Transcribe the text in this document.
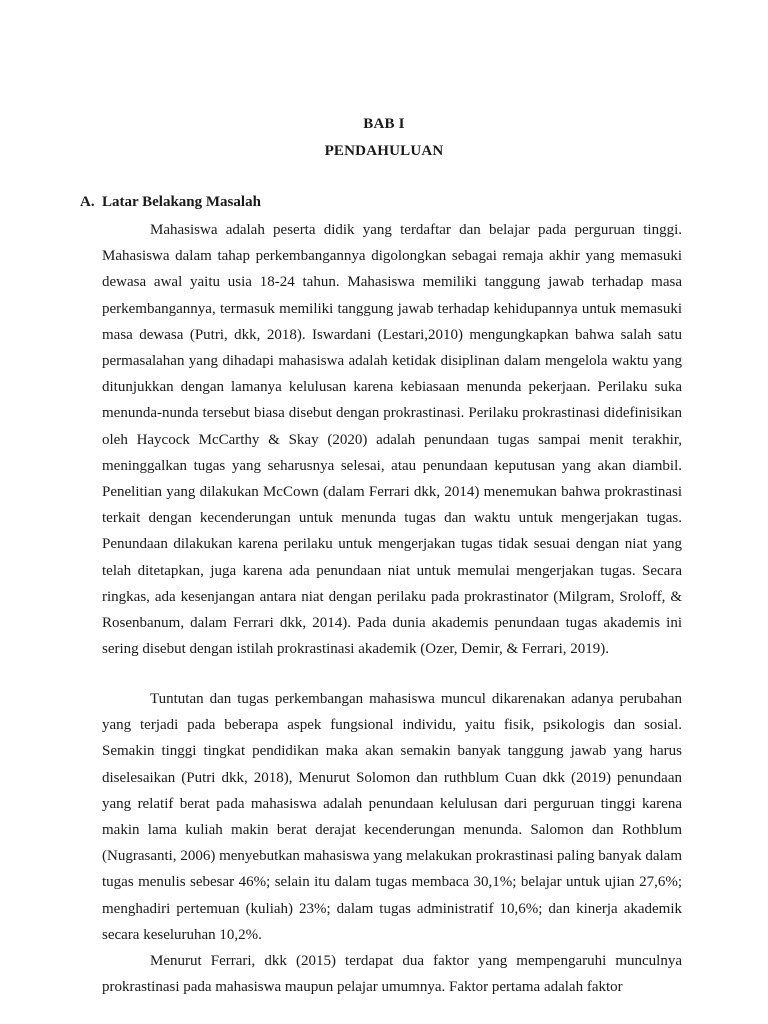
BAB I
PENDAHULUAN
A. Latar Belakang Masalah

Mahasiswa adalah peserta didik yang terdaftar dan belajar pada perguruan tinggi. Mahasiswa dalam tahap perkembangannya digolongkan sebagai remaja akhir yang memasuki dewasa awal yaitu usia 18-24 tahun. Mahasiswa memiliki tanggung jawab terhadap masa perkembangannya, termasuk memiliki tanggung jawab terhadap kehidupannya untuk memasuki masa dewasa (Putri, dkk, 2018). Iswardani (Lestari,2010) mengungkapkan bahwa salah satu permasalahan yang dihadapi mahasiswa adalah ketidak disiplinan dalam mengelola waktu yang ditunjukkan dengan lamanya kelulusan karena kebiasaan menunda pekerjaan. Perilaku suka menunda-nunda tersebut biasa disebut dengan prokrastinasi. Perilaku prokrastinasi didefinisikan oleh Haycock McCarthy & Skay (2020) adalah penundaan tugas sampai menit terakhir, meninggalkan tugas yang seharusnya selesai, atau penundaan keputusan yang akan diambil. Penelitian yang dilakukan McCown (dalam Ferrari dkk, 2014) menemukan bahwa prokrastinasi terkait dengan kecenderungan untuk menunda tugas dan waktu untuk mengerjakan tugas. Penundaan dilakukan karena perilaku untuk mengerjakan tugas tidak sesuai dengan niat yang telah ditetapkan, juga karena ada penundaan niat untuk memulai mengerjakan tugas. Secara ringkas, ada kesenjangan antara niat dengan perilaku pada prokrastinator (Milgram, Sroloff, & Rosenbanum, dalam Ferrari dkk, 2014). Pada dunia akademis penundaan tugas akademis ini sering disebut dengan istilah prokrastinasi akademik (Ozer, Demir, & Ferrari, 2019).

Tuntutan dan tugas perkembangan mahasiswa muncul dikarenakan adanya perubahan yang terjadi pada beberapa aspek fungsional individu, yaitu fisik, psikologis dan sosial. Semakin tinggi tingkat pendidikan maka akan semakin banyak tanggung jawab yang harus diselesaikan (Putri dkk, 2018), Menurut Solomon dan ruthblum Cuan dkk (2019) penundaan yang relatif berat pada mahasiswa adalah penundaan kelulusan dari perguruan tinggi karena makin lama kuliah makin berat derajat kecenderungan menunda. Salomon dan Rothblum (Nugrasanti, 2006) menyebutkan mahasiswa yang melakukan prokrastinasi paling banyak dalam tugas menulis sebesar 46%; selain itu dalam tugas membaca 30,1%; belajar untuk ujian 27,6%; menghadiri pertemuan (kuliah) 23%; dalam tugas administratif 10,6%; dan kinerja akademik secara keseluruhan 10,2%.

Menurut Ferrari, dkk (2015) terdapat dua faktor yang mempengaruhi munculnya prokrastinasi pada mahasiswa maupun pelajar umumnya. Faktor pertama adalah faktor
